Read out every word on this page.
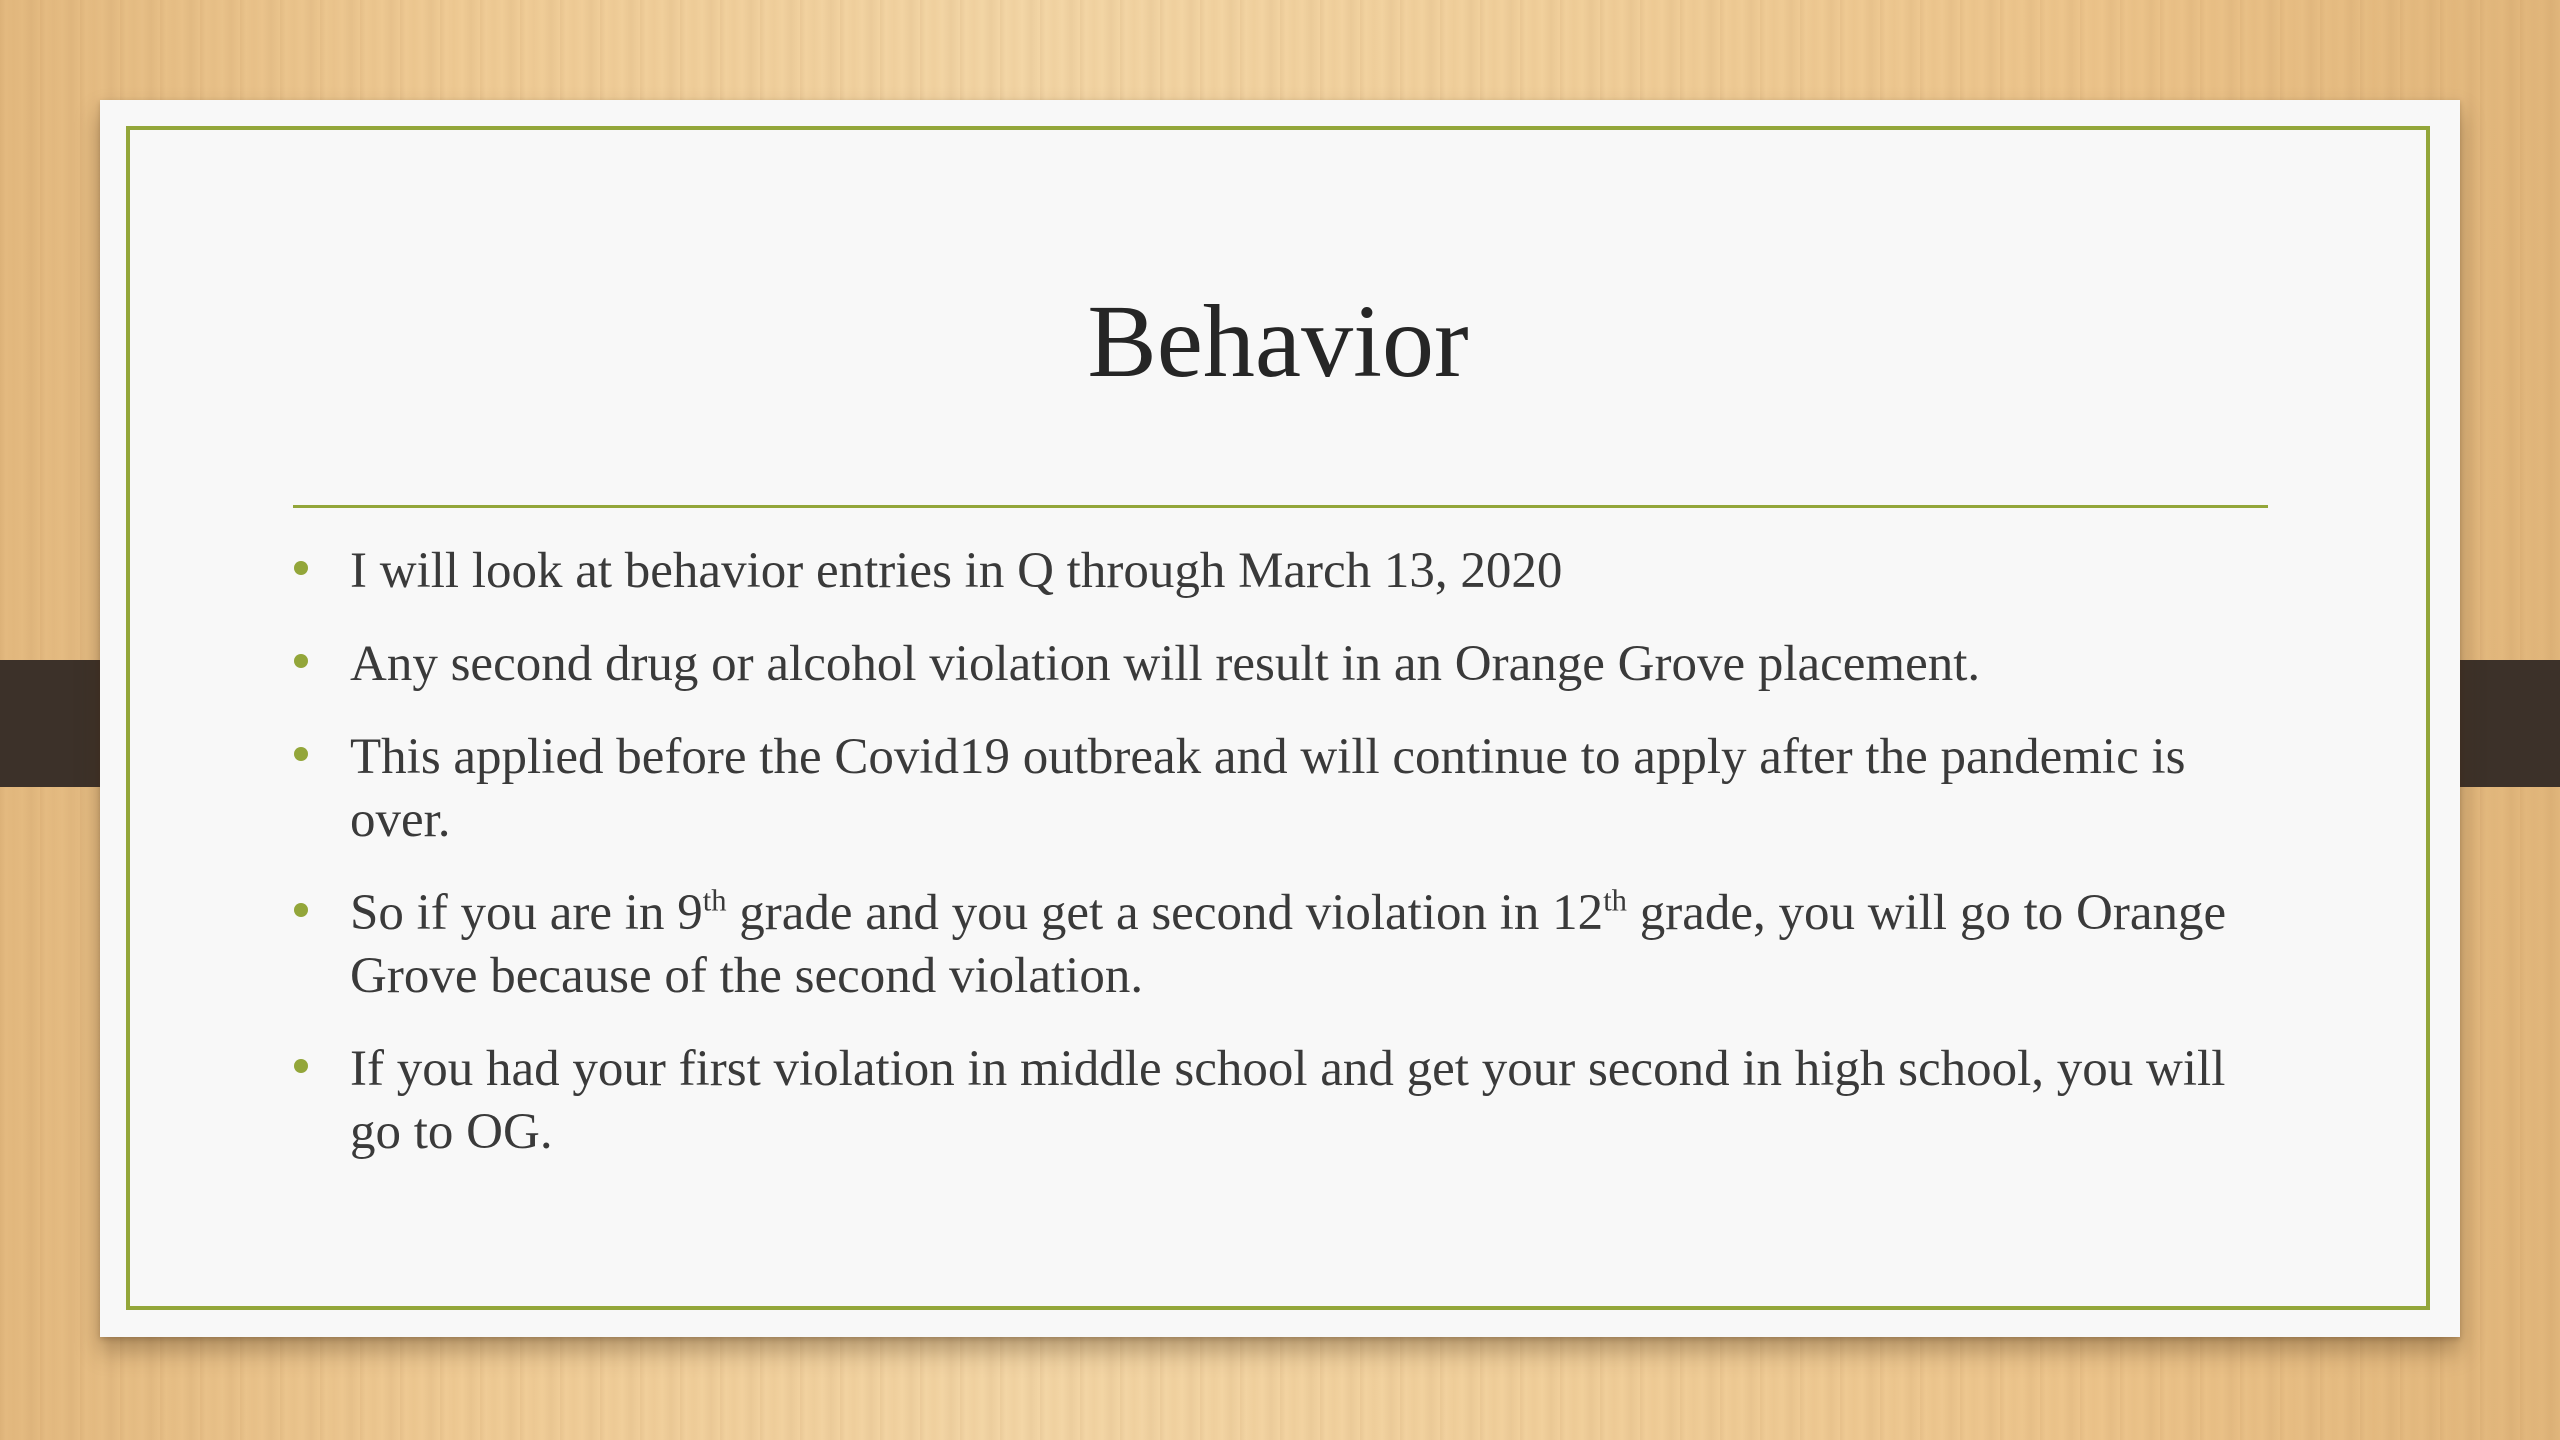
Behavior
I will look at behavior entries in Q through March 13, 2020
Any second drug or alcohol violation will result in an Orange Grove placement.
This applied before the Covid19 outbreak and will continue to apply after the pandemic is over.
So if you are in 9th grade and you get a second violation in 12th grade, you will go to Orange Grove because of the second violation.
If you had your first violation in middle school and get your second in high school, you will go to OG.
